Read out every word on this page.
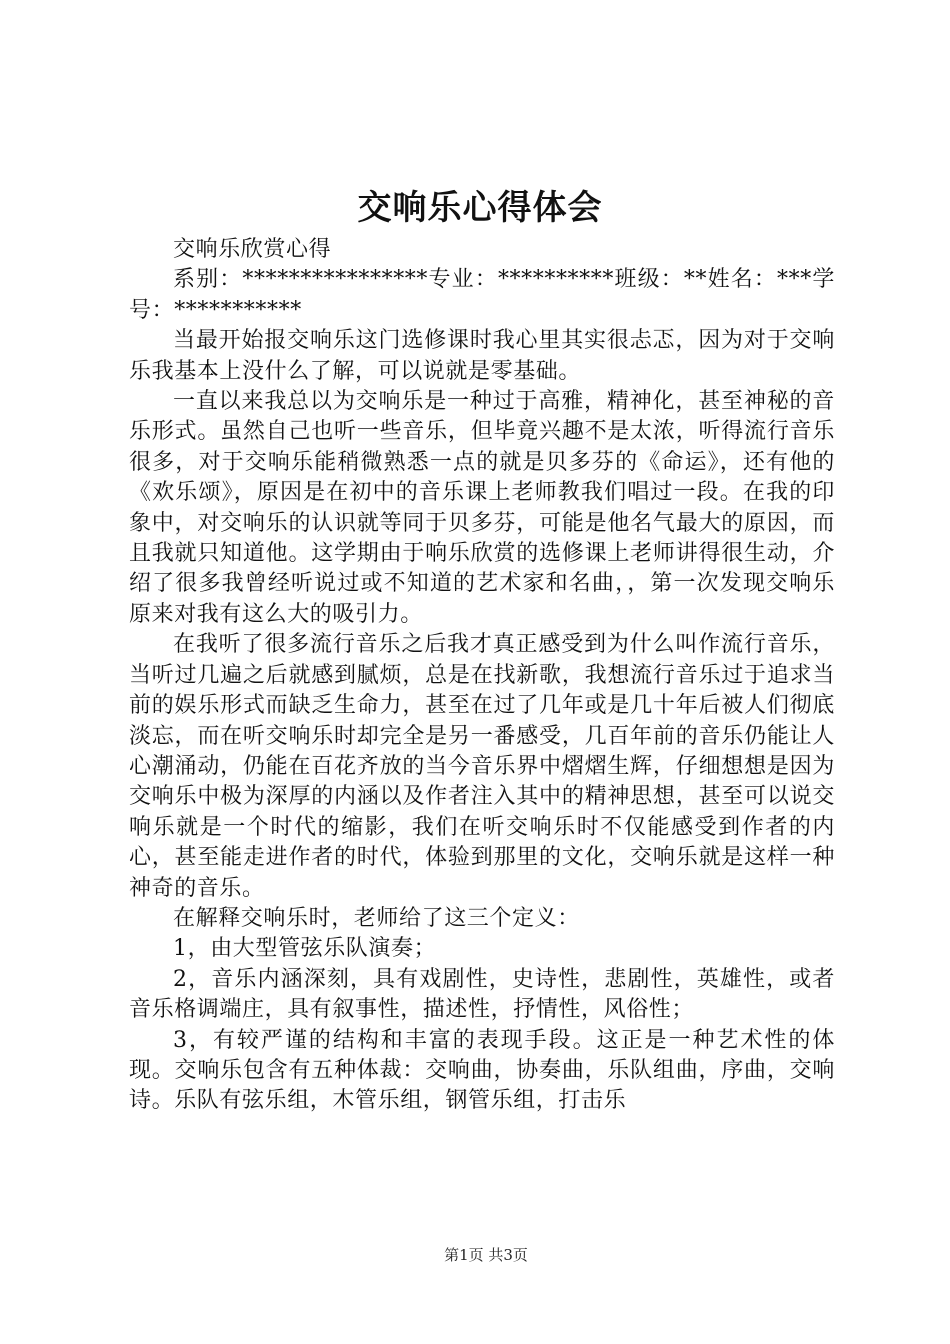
交响乐心得体会

交响乐欣赏心得

系别：****************专业：**********班级：**姓名：***学号：***********

当最开始报交响乐这门选修课时我心里其实很忐忑，因为对于交响乐我基本上没什么了解，可以说就是零基础。

一直以来我总以为交响乐是一种过于高雅，精神化，甚至神秘的音乐形式。虽然自己也听一些音乐，但毕竟兴趣不是太浓，听得流行音乐很多，对于交响乐能稍微熟悉一点的就是贝多芬的《命运》，还有他的《欢乐颂》，原因是在初中的音乐课上老师教我们唱过一段。在我的印象中，对交响乐的认识就等同于贝多芬，可能是他名气最大的原因，而且我就只知道他。这学期由于响乐欣赏的选修课上老师讲得很生动，介绍了很多我曾经听说过或不知道的艺术家和名曲，，第一次发现交响乐原来对我有这么大的吸引力。

在我听了很多流行音乐之后我才真正感受到为什么叫作流行音乐，当听过几遍之后就感到腻烦，总是在找新歌，我想流行音乐过于追求当前的娱乐形式而缺乏生命力，甚至在过了几年或是几十年后被人们彻底淡忘，而在听交响乐时却完全是另一番感受，几百年前的音乐仍能让人心潮涌动，仍能在百花齐放的当今音乐界中熠熠生辉，仔细想想是因为交响乐中极为深厚的内涵以及作者注入其中的精神思想，甚至可以说交响乐就是一个时代的缩影，我们在听交响乐时不仅能感受到作者的内心，甚至能走进作者的时代，体验到那里的文化，交响乐就是这样一种神奇的音乐。

在解释交响乐时，老师给了这三个定义：

1，由大型管弦乐队演奏；

2，音乐内涵深刻，具有戏剧性，史诗性，悲剧性，英雄性，或者音乐格调端庄，具有叙事性，描述性，抒情性，风俗性；

3，有较严谨的结构和丰富的表现手段。这正是一种艺术性的体现。交响乐包含有五种体裁：交响曲，协奏曲，乐队组曲，序曲，交响诗。乐队有弦乐组，木管乐组，钢管乐组，打击乐

第1页 共3页
